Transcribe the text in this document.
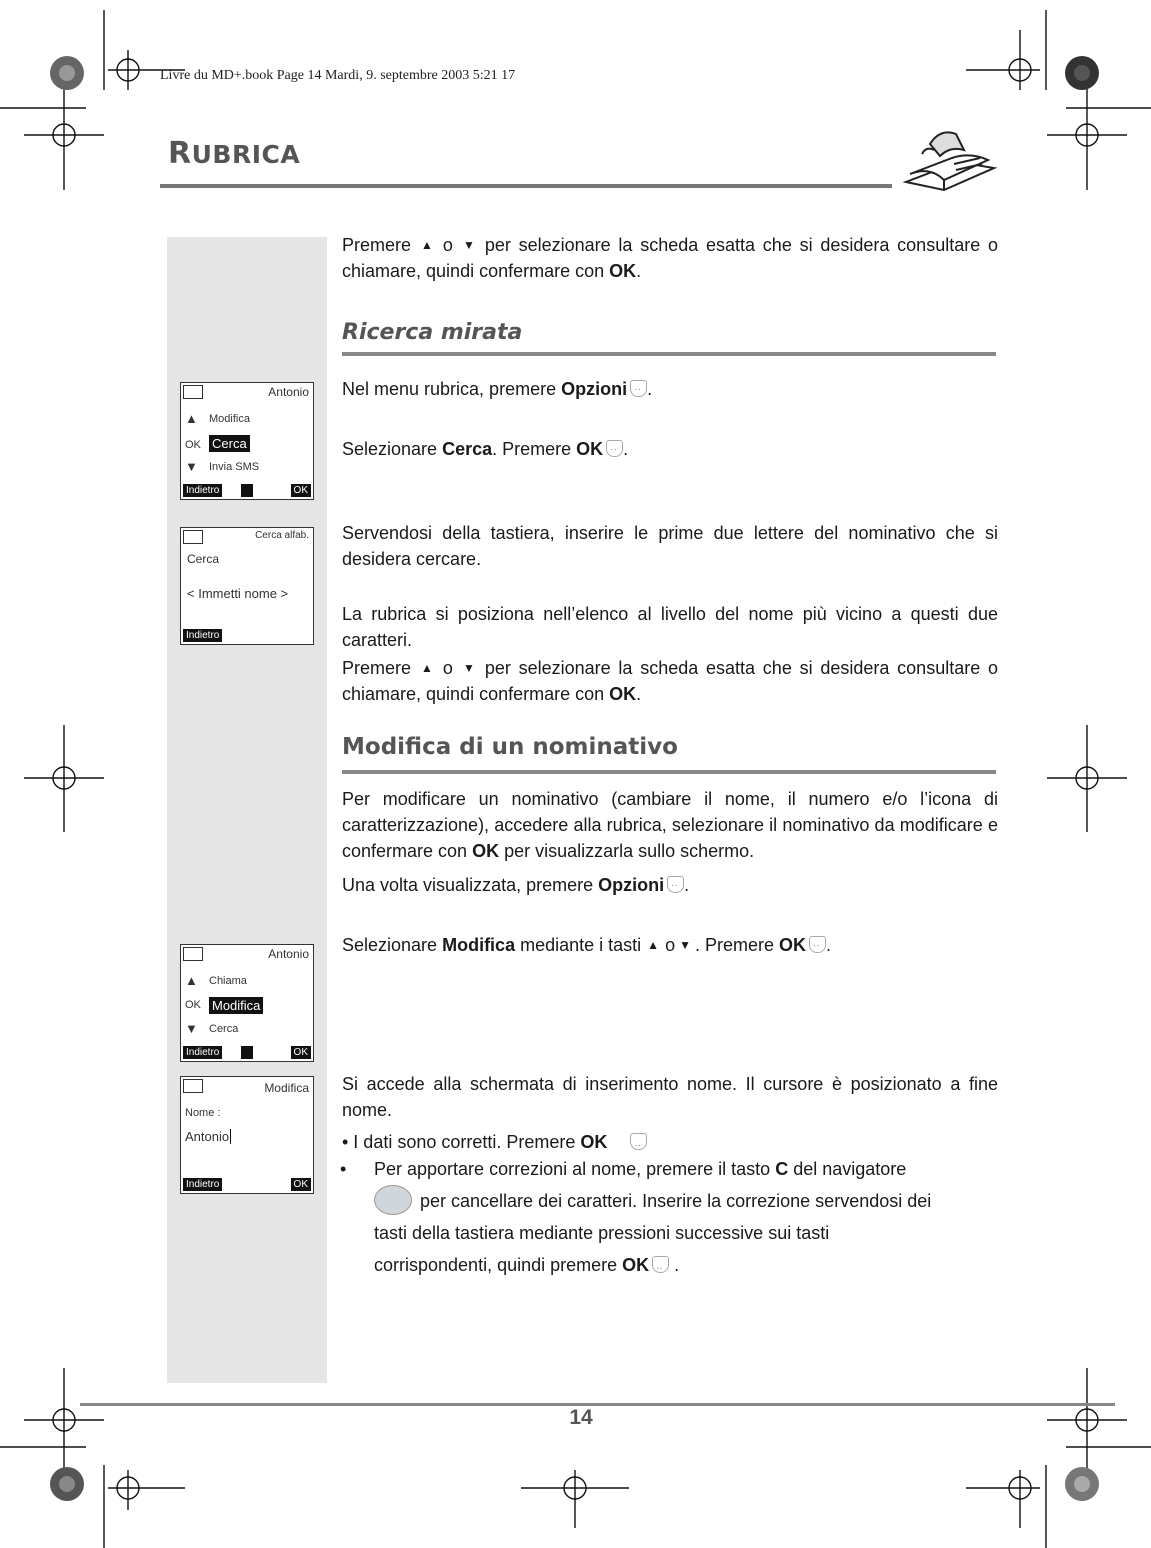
Livre du MD+.book Page 14 Mardi, 9. septembre 2003 5:21 17
RUBRICA

Premere ▲ o ▼ per selezionare la scheda esatta che si desidera consultare o chiamare, quindi confermare con OK.

Ricerca mirata

Nel menu rubrica, premere Opzioni ·· .

Selezionare Cerca. Premere OK ·· .

Servendosi della tastiera, inserire le prime due lettere del nominativo che si desidera cercare.

La rubrica si posiziona nell’elenco al livello del nome più vicino a questi due caratteri.

Premere ▲ o ▼ per selezionare la scheda esatta che si desidera consultare o chiamare, quindi confermare con OK.

Modifica di un nominativo

Per modificare un nominativo (cambiare il nome, il numero e/o l’icona di caratterizzazione), accedere alla rubrica, selezionare il nominativo da modificare e confermare con OK per visualizzarla sullo schermo.

Una volta visualizzata, premere Opzioni ·· .

Selezionare Modifica mediante i tasti ▲ o ▼ . Premere OK ·· .

Si accede alla schermata di inserimento nome. Il cursore è posizionato a fine nome.

• I dati sono corretti. Premere OK ··
•	Per apportare correzioni al nome, premere il tasto C del navigatore
per cancellare dei caratteri. Inserire la correzione servendosi dei
tasti della tastiera mediante pressioni successive sui tasti
corrispondenti, quindi premere OK·· .
Antonio
▲ Modifica
OK Cerca
▼ Invia SMS
Indietro	OK
Cerca alfab.
Cerca
< Immetti nome >
Indietro
Antonio
▲ Chiama
OK Modifica
▼ Cerca
Indietro	OK
Modifica
Nome :
Antonio
Indietro	OK
14
